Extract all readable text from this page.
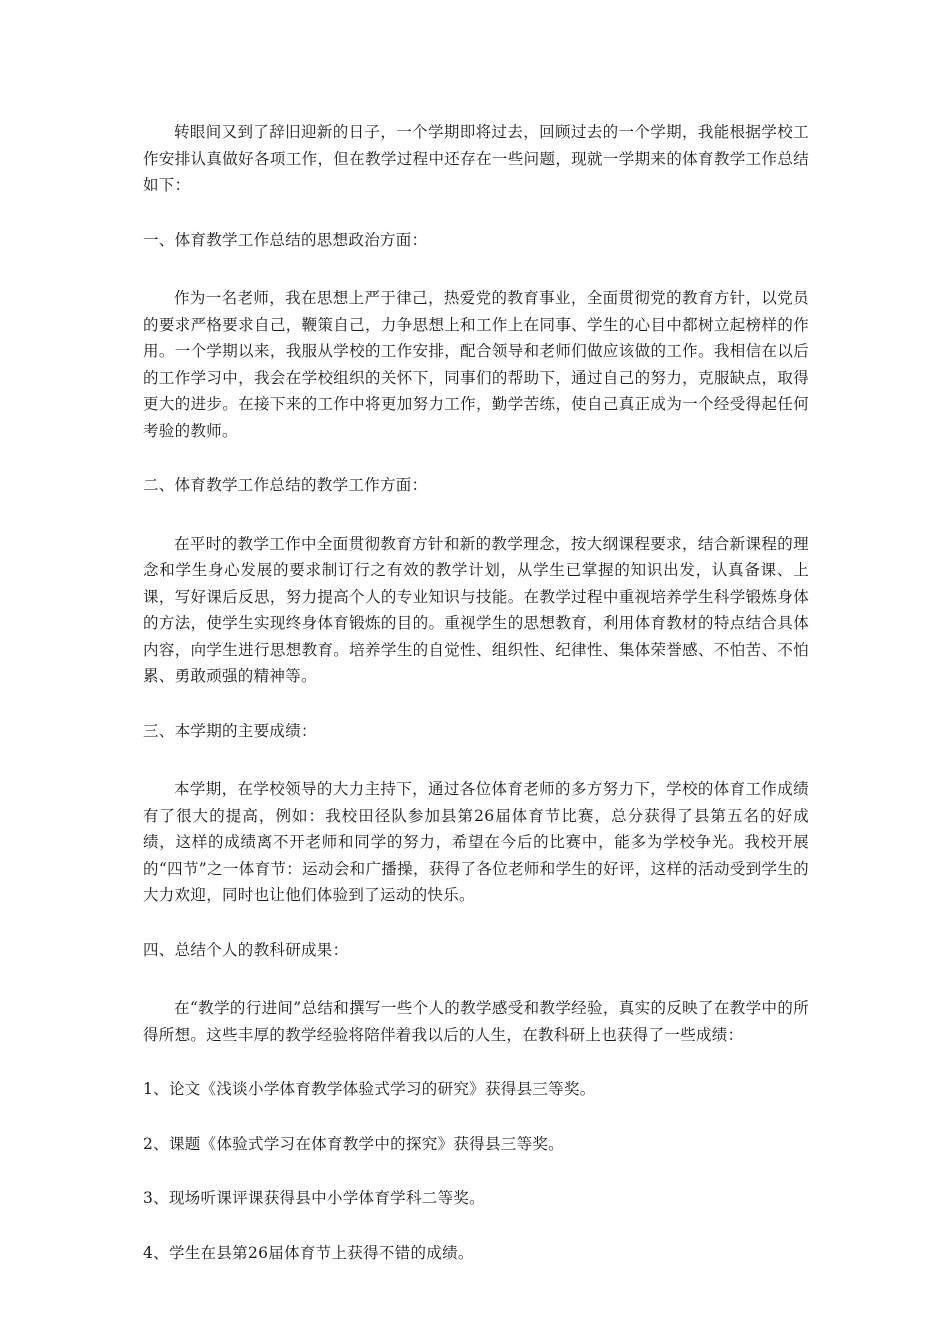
转眼间又到了辞旧迎新的日子，一个学期即将过去，回顾过去的一个学期，我能根据学校工作安排认真做好各项工作，但在教学过程中还存在一些问题，现就一学期来的体育教学工作总结如下：

一、体育教学工作总结的思想政治方面：

作为一名老师，我在思想上严于律己，热爱党的教育事业，全面贯彻党的教育方针，以党员的要求严格要求自己，鞭策自己，力争思想上和工作上在同事、学生的心目中都树立起榜样的作用。一个学期以来，我服从学校的工作安排，配合领导和老师们做应该做的工作。我相信在以后的工作学习中，我会在学校组织的关怀下，同事们的帮助下，通过自己的努力，克服缺点，取得更大的进步。在接下来的工作中将更加努力工作，勤学苦练，使自己真正成为一个经受得起任何考验的教师。

二、体育教学工作总结的教学工作方面：

在平时的教学工作中全面贯彻教育方针和新的教学理念，按大纲课程要求，结合新课程的理念和学生身心发展的要求制订行之有效的教学计划，从学生已掌握的知识出发，认真备课、上课，写好课后反思，努力提高个人的专业知识与技能。在教学过程中重视培养学生科学锻炼身体的方法，使学生实现终身体育锻炼的目的。重视学生的思想教育，利用体育教材的特点结合具体内容，向学生进行思想教育。培养学生的自觉性、组织性、纪律性、集体荣誉感、不怕苦、不怕累、勇敢顽强的精神等。

三、本学期的主要成绩：

本学期，在学校领导的大力主持下，通过各位体育老师的多方努力下，学校的体育工作成绩有了很大的提高，例如：我校田径队参加县第26届体育节比赛，总分获得了县第五名的好成绩，这样的成绩离不开老师和同学的努力，希望在今后的比赛中，能多为学校争光。我校开展的“四节”之一体育节：运动会和广播操，获得了各位老师和学生的好评，这样的活动受到学生的大力欢迎，同时也让他们体验到了运动的快乐。

四、总结个人的教科研成果：

在“教学的行进间”总结和撰写一些个人的教学感受和教学经验，真实的反映了在教学中的所得所想。这些丰厚的教学经验将陪伴着我以后的人生，在教科研上也获得了一些成绩：

1、论文《浅谈小学体育教学体验式学习的研究》获得县三等奖。

2、课题《体验式学习在体育教学中的探究》获得县三等奖。

3、现场听课评课获得县中小学体育学科二等奖。

4、学生在县第26届体育节上获得不错的成绩。
